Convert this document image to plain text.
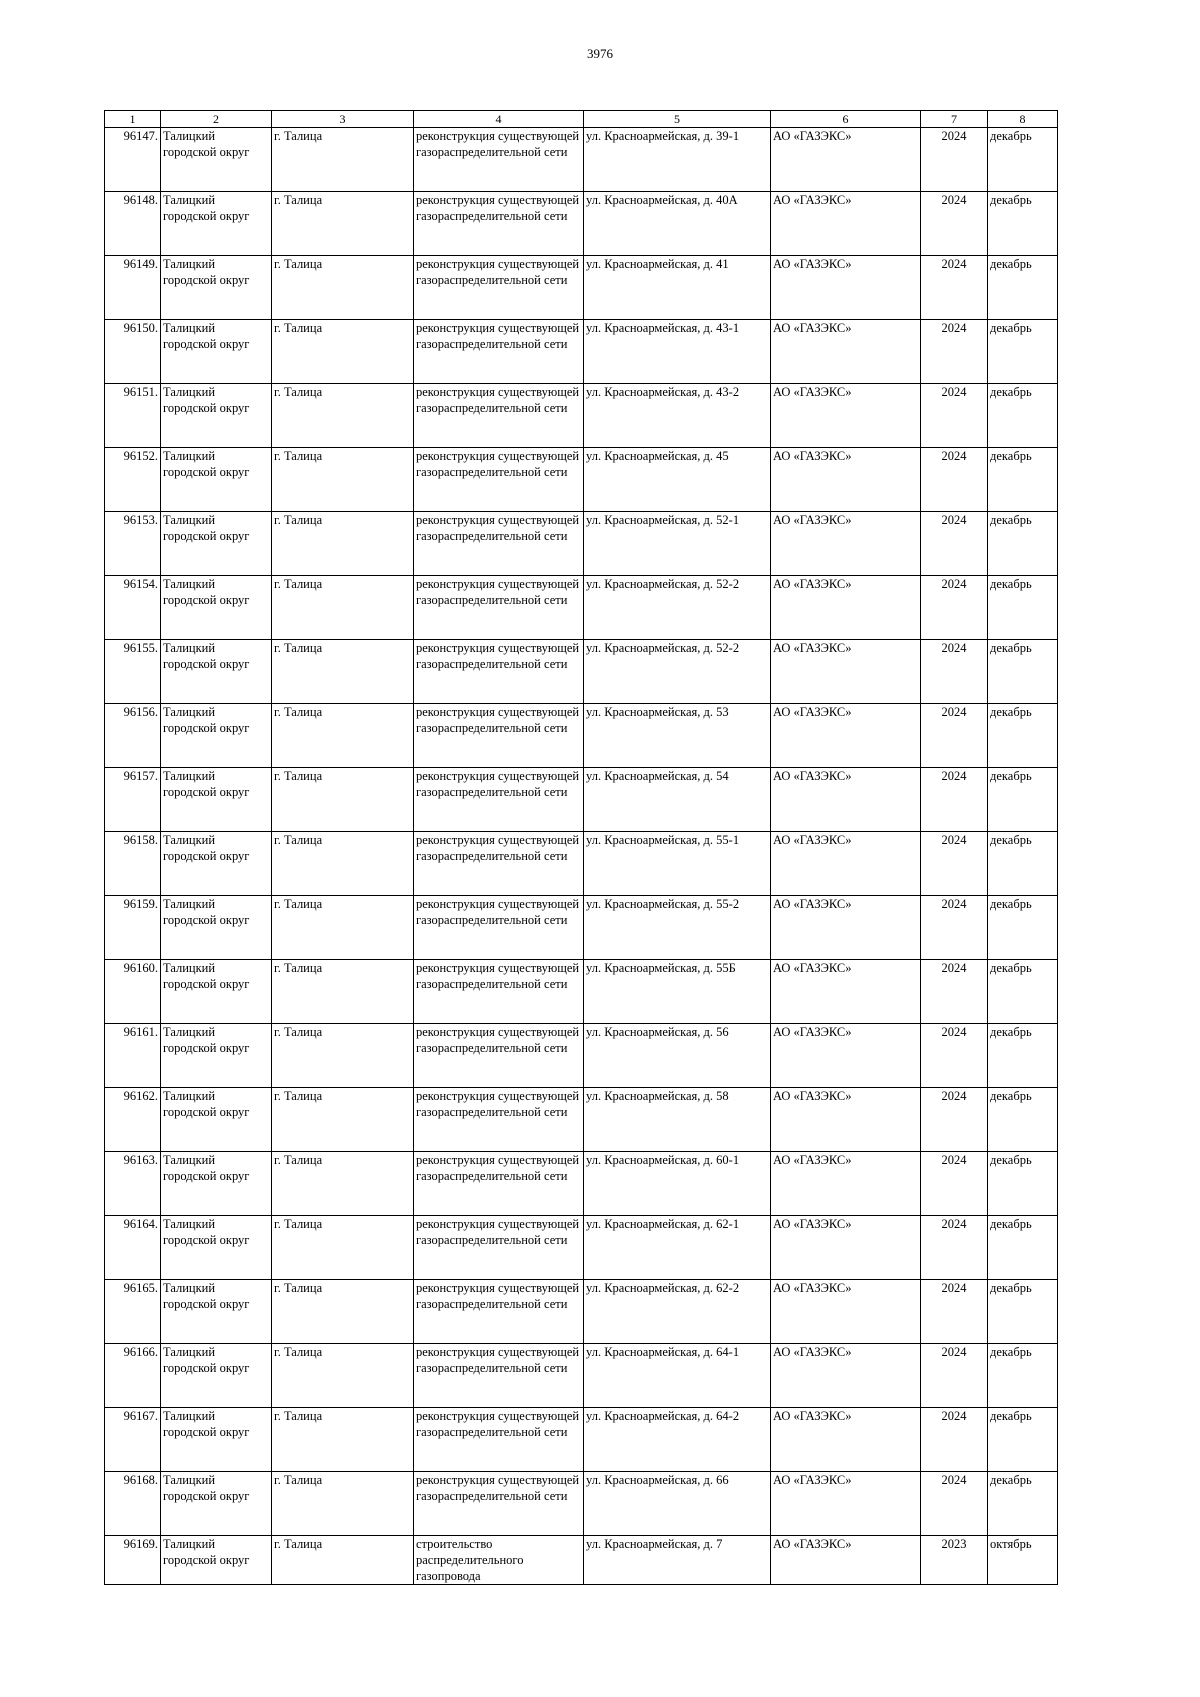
3976
1	2	3	4	5	6	7	8
96147.	Талицкий городской округ	г. Талица	реконструкция существующей газораспределительной сети	ул. Красноармейская, д. 39-1	АО «ГАЗЭКС»	2024	декабрь
96148.	Талицкий городской округ	г. Талица	реконструкция существующей газораспределительной сети	ул. Красноармейская, д. 40А	АО «ГАЗЭКС»	2024	декабрь
96149.	Талицкий городской округ	г. Талица	реконструкция существующей газораспределительной сети	ул. Красноармейская, д. 41	АО «ГАЗЭКС»	2024	декабрь
96150.	Талицкий городской округ	г. Талица	реконструкция существующей газораспределительной сети	ул. Красноармейская, д. 43-1	АО «ГАЗЭКС»	2024	декабрь
96151.	Талицкий городской округ	г. Талица	реконструкция существующей газораспределительной сети	ул. Красноармейская, д. 43-2	АО «ГАЗЭКС»	2024	декабрь
96152.	Талицкий городской округ	г. Талица	реконструкция существующей газораспределительной сети	ул. Красноармейская, д. 45	АО «ГАЗЭКС»	2024	декабрь
96153.	Талицкий городской округ	г. Талица	реконструкция существующей газораспределительной сети	ул. Красноармейская, д. 52-1	АО «ГАЗЭКС»	2024	декабрь
96154.	Талицкий городской округ	г. Талица	реконструкция существующей газораспределительной сети	ул. Красноармейская, д. 52-2	АО «ГАЗЭКС»	2024	декабрь
96155.	Талицкий городской округ	г. Талица	реконструкция существующей газораспределительной сети	ул. Красноармейская, д. 52-2	АО «ГАЗЭКС»	2024	декабрь
96156.	Талицкий городской округ	г. Талица	реконструкция существующей газораспределительной сети	ул. Красноармейская, д. 53	АО «ГАЗЭКС»	2024	декабрь
96157.	Талицкий городской округ	г. Талица	реконструкция существующей газораспределительной сети	ул. Красноармейская, д. 54	АО «ГАЗЭКС»	2024	декабрь
96158.	Талицкий городской округ	г. Талица	реконструкция существующей газораспределительной сети	ул. Красноармейская, д. 55-1	АО «ГАЗЭКС»	2024	декабрь
96159.	Талицкий городской округ	г. Талица	реконструкция существующей газораспределительной сети	ул. Красноармейская, д. 55-2	АО «ГАЗЭКС»	2024	декабрь
96160.	Талицкий городской округ	г. Талица	реконструкция существующей газораспределительной сети	ул. Красноармейская, д. 55Б	АО «ГАЗЭКС»	2024	декабрь
96161.	Талицкий городской округ	г. Талица	реконструкция существующей газораспределительной сети	ул. Красноармейская, д. 56	АО «ГАЗЭКС»	2024	декабрь
96162.	Талицкий городской округ	г. Талица	реконструкция существующей газораспределительной сети	ул. Красноармейская, д. 58	АО «ГАЗЭКС»	2024	декабрь
96163.	Талицкий городской округ	г. Талица	реконструкция существующей газораспределительной сети	ул. Красноармейская, д. 60-1	АО «ГАЗЭКС»	2024	декабрь
96164.	Талицкий городской округ	г. Талица	реконструкция существующей газораспределительной сети	ул. Красноармейская, д. 62-1	АО «ГАЗЭКС»	2024	декабрь
96165.	Талицкий городской округ	г. Талица	реконструкция существующей газораспределительной сети	ул. Красноармейская, д. 62-2	АО «ГАЗЭКС»	2024	декабрь
96166.	Талицкий городской округ	г. Талица	реконструкция существующей газораспределительной сети	ул. Красноармейская, д. 64-1	АО «ГАЗЭКС»	2024	декабрь
96167.	Талицкий городской округ	г. Талица	реконструкция существующей газораспределительной сети	ул. Красноармейская, д. 64-2	АО «ГАЗЭКС»	2024	декабрь
96168.	Талицкий городской округ	г. Талица	реконструкция существующей газораспределительной сети	ул. Красноармейская, д. 66	АО «ГАЗЭКС»	2024	декабрь
96169.	Талицкий городской округ	г. Талица	строительство распределительного газопровода	ул. Красноармейская, д. 7	АО «ГАЗЭКС»	2023	октябрь
